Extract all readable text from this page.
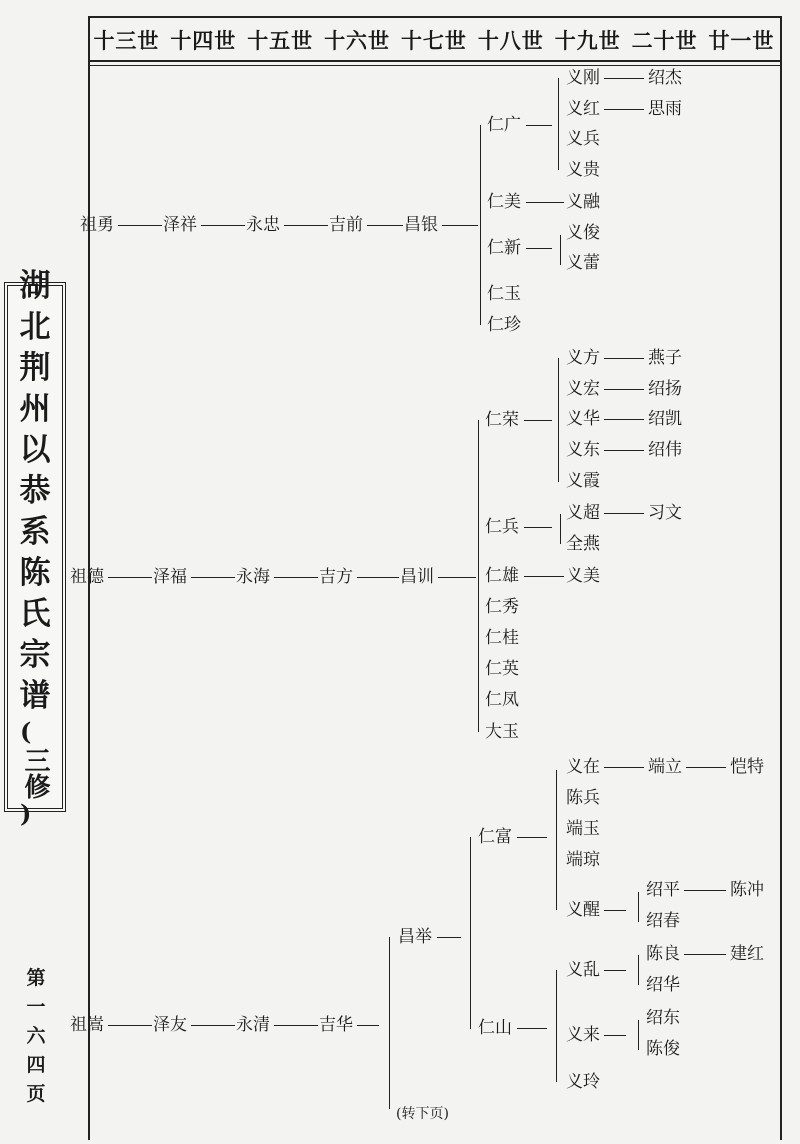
十三世 十四世 十五世 十六世 十七世 十八世 十九世 二十世 廿一世
湖
北
荆
州
以
恭
系
陈
氏
宗
谱
(
三修
)
第
一
六
四
页
祖勇	泽祥	永忠	吉前 昌银
仁广
义刚	绍杰
义红	思雨
义兵
义贵
仁美	义融
仁新
义俊
义蕾
仁玉
仁珍
祖德	泽福	永海	吉方	昌训
仁荣
义方	燕子
义宏	绍扬
义华	绍凯
义东	绍伟
义霞
仁兵
义超	习文
全燕
仁雄	义美
仁秀
仁桂
仁英
仁凤
大玉
祖嵩	泽友	永清	吉华
昌举
仁富
义在	端立	恺特
陈兵
端玉
端琼
义醒
绍平	陈冲
绍春
仁山
义乱
陈良	建红
绍华
义来
绍东
陈俊
义玲
(转下页)
